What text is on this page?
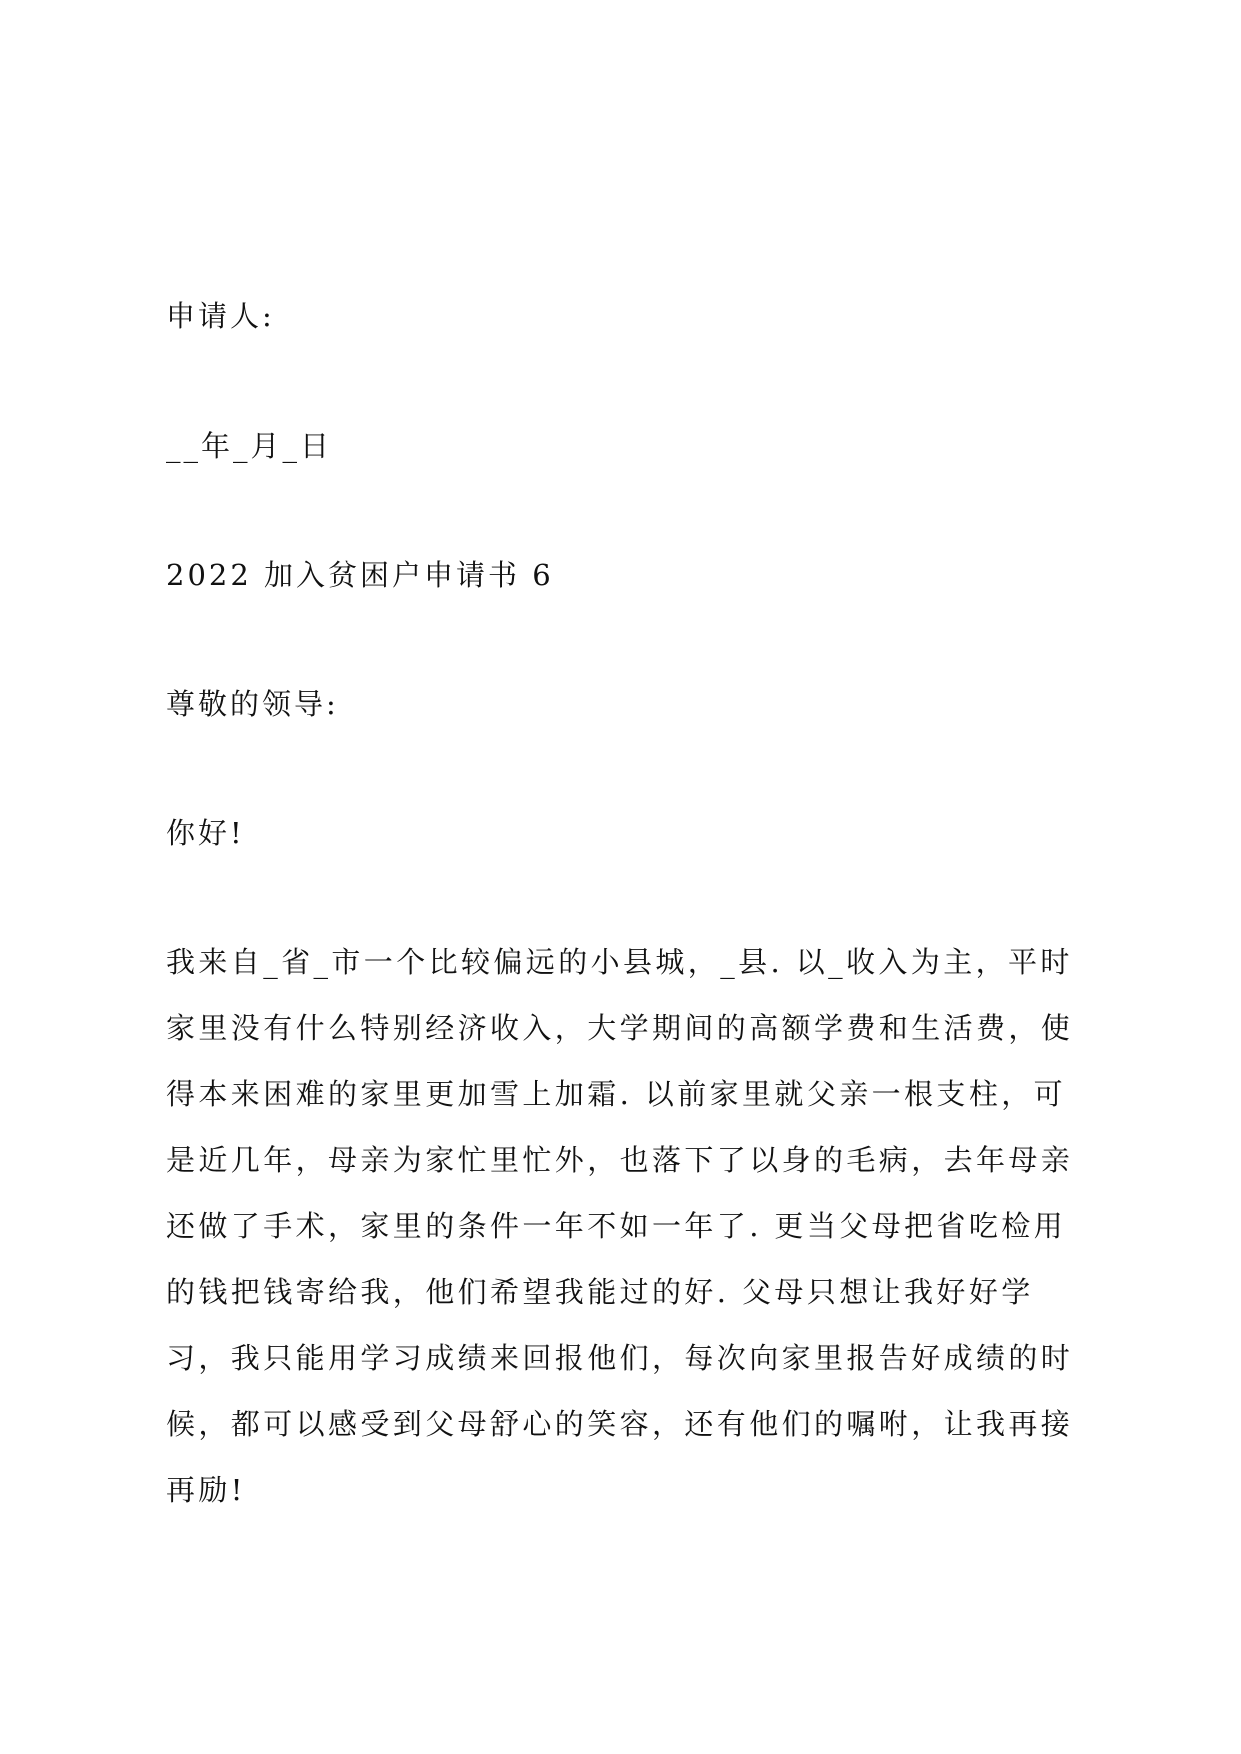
申请人:
__年_月_日
2022 加入贫困户申请书 6
尊敬的领导:
你好!
我来自_省_市一个比较偏远的小县城，_县. 以_收入为主，平时
家里没有什么特别经济收入，大学期间的高额学费和生活费，使
得本来困难的家里更加雪上加霜. 以前家里就父亲一根支柱，可
是近几年，母亲为家忙里忙外，也落下了以身的毛病，去年母亲
还做了手术，家里的条件一年不如一年了. 更当父母把省吃检用
的钱把钱寄给我，他们希望我能过的好. 父母只想让我好好学
习，我只能用学习成绩来回报他们，每次向家里报告好成绩的时
候，都可以感受到父母舒心的笑容，还有他们的嘱咐，让我再接
再励!
